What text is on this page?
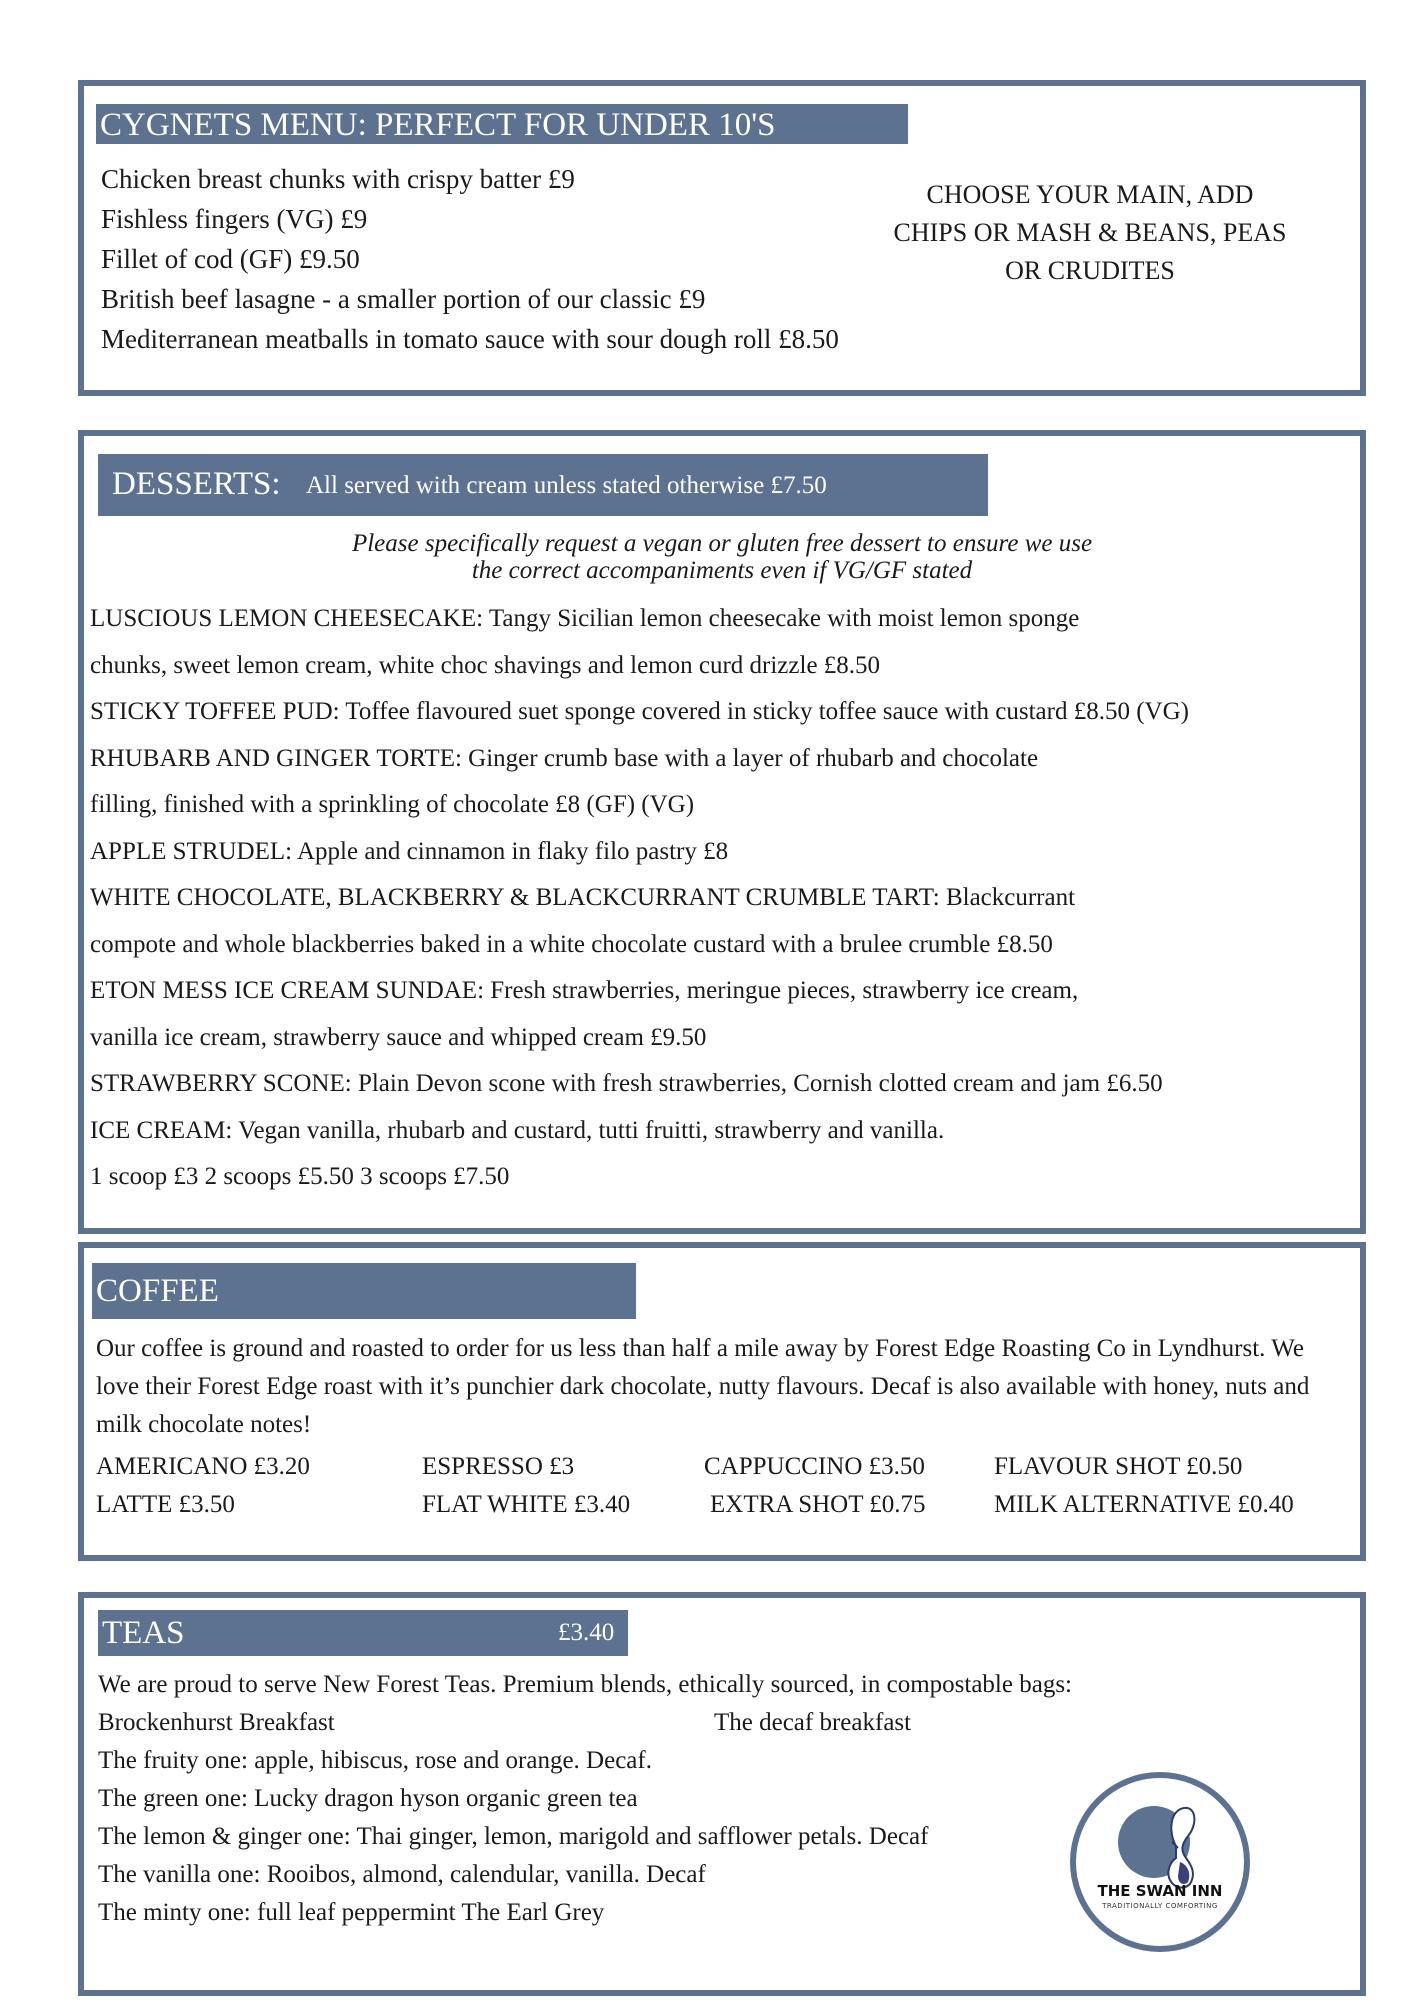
CYGNETS MENU: PERFECT FOR UNDER 10'S
Chicken breast chunks with crispy batter £9
Fishless fingers (VG) £9
Fillet of cod (GF) £9.50
British beef lasagne - a smaller portion of our classic £9
Mediterranean meatballs in tomato sauce with sour dough roll £8.50
CHOOSE YOUR MAIN, ADD
CHIPS OR MASH & BEANS, PEAS
OR CRUDITES
DESSERTS: All served with cream unless stated otherwise £7.50
Please specifically request a vegan or gluten free dessert to ensure we use
the correct accompaniments even if VG/GF stated
LUSCIOUS LEMON CHEESECAKE: Tangy Sicilian lemon cheesecake with moist lemon sponge
chunks, sweet lemon cream, white choc shavings and lemon curd drizzle £8.50
STICKY TOFFEE PUD: Toffee flavoured suet sponge covered in sticky toffee sauce with custard £8.50 (VG)
RHUBARB AND GINGER TORTE: Ginger crumb base with a layer of rhubarb and chocolate
filling, finished with a sprinkling of chocolate £8 (GF) (VG)
APPLE STRUDEL: Apple and cinnamon in flaky filo pastry £8
WHITE CHOCOLATE, BLACKBERRY & BLACKCURRANT CRUMBLE TART: Blackcurrant
compote and whole blackberries baked in a white chocolate custard with a brulee crumble £8.50
ETON MESS ICE CREAM SUNDAE: Fresh strawberries, meringue pieces, strawberry ice cream,
vanilla ice cream, strawberry sauce and whipped cream £9.50
STRAWBERRY SCONE: Plain Devon scone with fresh strawberries, Cornish clotted cream and jam £6.50
ICE CREAM: Vegan vanilla, rhubarb and custard, tutti fruitti, strawberry and vanilla.
1 scoop £3 2 scoops £5.50 3 scoops £7.50
COFFEE
Our coffee is ground and roasted to order for us less than half a mile away by Forest Edge Roasting Co in Lyndhurst. We love their Forest Edge roast with it’s punchier dark chocolate, nutty flavours. Decaf is also available with honey, nuts and milk chocolate notes!
AMERICANO £3.20	ESPRESSO £3	CAPPUCCINO £3.50	FLAVOUR SHOT £0.50
LATTE £3.50	FLAT WHITE £3.40	EXTRA SHOT £0.75	MILK ALTERNATIVE £0.40
TEAS	£3.40
We are proud to serve New Forest Teas. Premium blends, ethically sourced, in compostable bags:
Brockenhurst Breakfast
The fruity one: apple, hibiscus, rose and orange. Decaf.
The green one: Lucky dragon hyson organic green tea
The lemon & ginger one: Thai ginger, lemon, marigold and safflower petals. Decaf
The vanilla one: Rooibos, almond, calendular, vanilla. Decaf
The minty one: full leaf peppermint The Earl Grey
The decaf breakfast
THE SWAN INN
TRADITIONALLY COMFORTING
